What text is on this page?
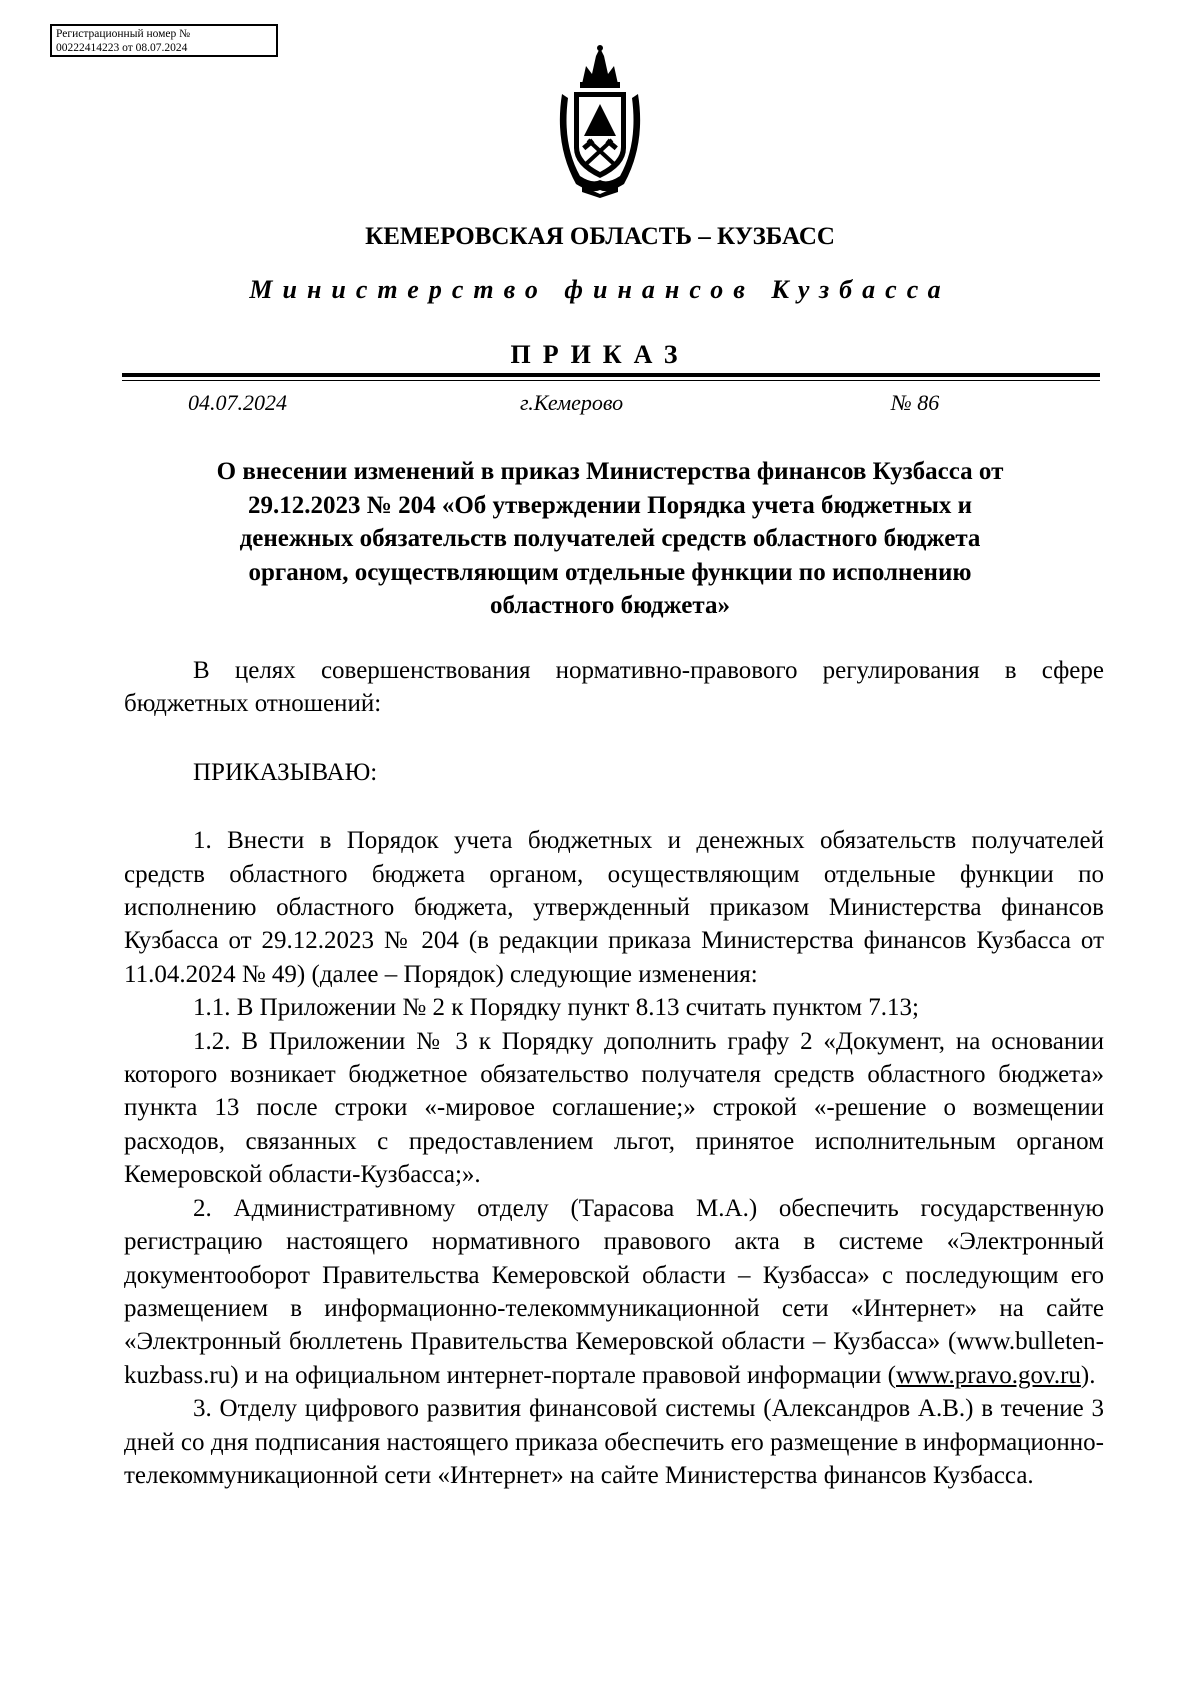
Регистрационный номер №
00222414223 от 08.07.2024
КЕМЕРОВСКАЯ ОБЛАСТЬ – КУЗБАСС
Министерство финансов Кузбасса
ПРИКАЗ
04.07.2024	г.Кемерово	№ 86
О внесении изменений в приказ Министерства финансов Кузбасса от
29.12.2023 № 204 «Об утверждении Порядка учета бюджетных и
денежных обязательств получателей средств областного бюджета
органом, осуществляющим отдельные функции по исполнению
областного бюджета»

В целях совершенствования нормативно-правового регулирования в сфере бюджетных отношений:

ПРИКАЗЫВАЮ:

1. Внести в Порядок учета бюджетных и денежных обязательств получателей средств областного бюджета органом, осуществляющим отдельные функции по исполнению областного бюджета, утвержденный приказом Министерства финансов Кузбасса от 29.12.2023 № 204 (в редакции приказа Министерства финансов Кузбасса от 11.04.2024 № 49) (далее – Порядок) следующие изменения:

1.1. В Приложении № 2 к Порядку пункт 8.13 считать пунктом 7.13;

1.2. В Приложении № 3 к Порядку дополнить графу 2 «Документ, на основании которого возникает бюджетное обязательство получателя средств областного бюджета» пункта 13 после строки «-мировое соглашение;» строкой «-решение о возмещении расходов, связанных с предоставлением льгот, принятое исполнительным органом Кемеровской области-Кузбасса;».

2. Административному отделу (Тарасова М.А.) обеспечить государственную регистрацию настоящего нормативного правового акта в системе «Электронный документооборот Правительства Кемеровской области – Кузбасса» с последующим его размещением в информационно-телекоммуникационной сети «Интернет» на сайте «Электронный бюллетень Правительства Кемеровской области – Кузбасса» (www.bulleten-kuzbass.ru) и на официальном интернет-портале правовой информации (www.pravo.gov.ru).

3. Отделу цифрового развития финансовой системы (Александров А.В.) в течение 3 дней со дня подписания настоящего приказа обеспечить его размещение в информационно-телекоммуникационной сети «Интернет» на сайте Министерства финансов Кузбасса.
